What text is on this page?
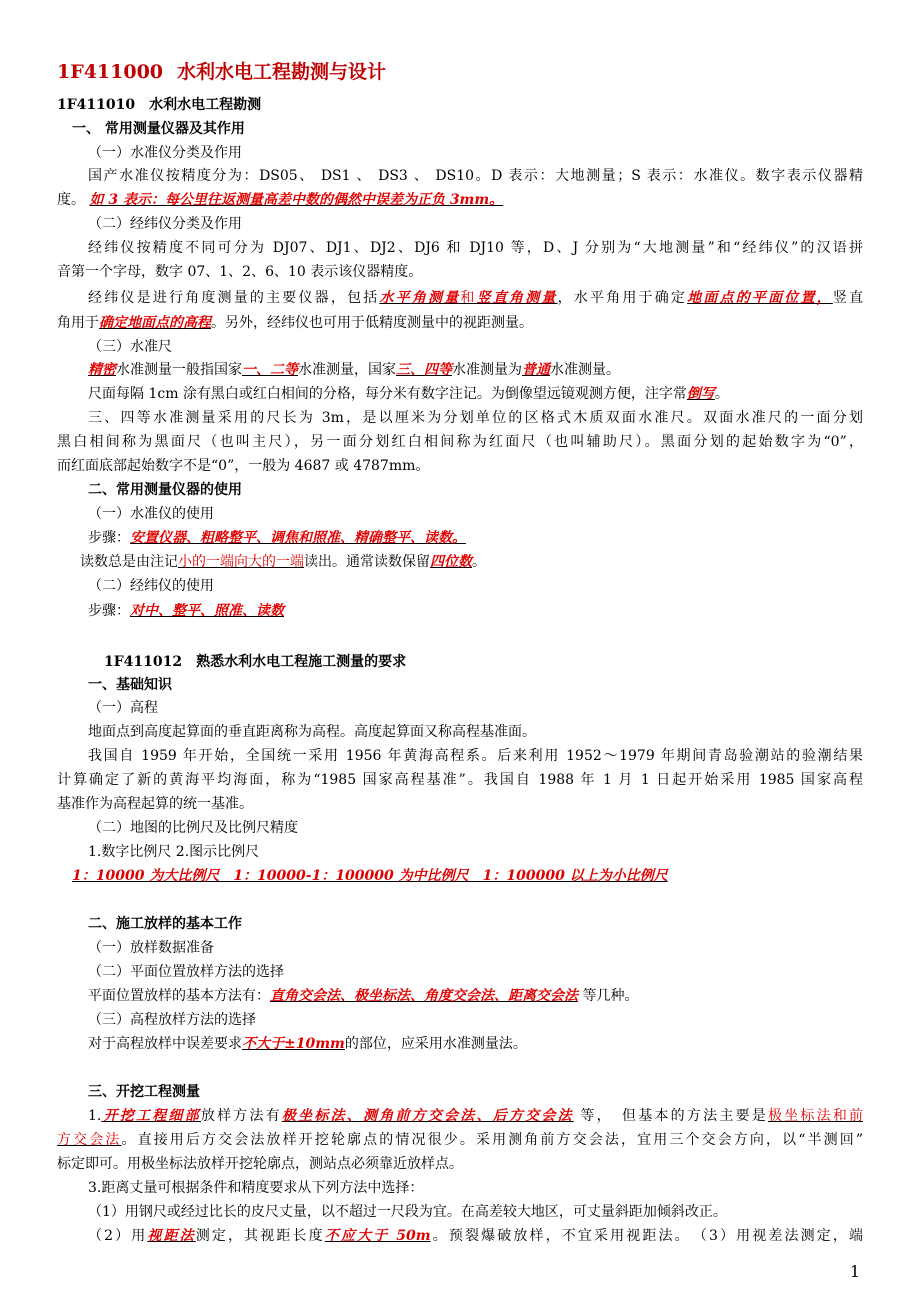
1F411000 水利水电工程勘测与设计
1F411010　 水利水电工程勘测
一、 常用测量仪器及其作用
（一）水准仪分类及作用
国产水准仪按精度分为：DS05、 DS1 、 DS3 、 DS10。D 表示：大地测量；S 表示：水准仪。数字表示仪器精
度。 如 3 表示：每公里往返测量高差中数的偶然中误差为正负 3mm。
（二）经纬仪分类及作用
经纬仪按精度不同可分为 DJ07、DJ1、DJ2、DJ6 和 DJ10 等，D、J 分别为“大地测量”和“经纬仪”的汉语拼
音第一个字母，数字 07、1、2、6、10 表示该仪器精度。
经纬仪是进行角度测量的主要仪器，包括水平角测量和竖直角测量，水平角用于确定地面点的平面位置，竖直
角用于确定地面点的高程。另外，经纬仪也可用于低精度测量中的视距测量。
（三）水准尺
精密水准测量一般指国家一、二等水准测量，国家三、四等水准测量为普通水准测量。
尺面每隔 1cm 涂有黑白或红白相间的分格，每分米有数字注记。为倒像望远镜观测方便，注字常倒写。
三、四等水准测量采用的尺长为 3m，是以厘米为分划单位的区格式木质双面水准尺。双面水准尺的一面分划
黑白相间称为黑面尺（也叫主尺），另一面分划红白相间称为红面尺（也叫辅助尺）。黑面分划的起始数字为“0”，
而红面底部起始数字不是“0”，一般为 4687 或 4787mm。
二、常用测量仪器的使用
（一）水准仪的使用
步骤：安置仪器、粗略整平、调焦和照准、精确整平、读数。
读数总是由注记小的一端向大的一端读出。通常读数保留四位数。
（二）经纬仪的使用
步骤：对中、整平、照准、读数
1F411012　 熟悉水利水电工程施工测量的要求
一、基础知识
（一）高程
地面点到高度起算面的垂直距离称为高程。高度起算面又称高程基准面。
我国自 1959 年开始，全国统一采用 1956 年黄海高程系。后来利用 1952～1979 年期间青岛验潮站的验潮结果
计算确定了新的黄海平均海面，称为“1985 国家高程基准”。我国自 1988 年 1 月 1 日起开始采用 1985 国家高程
基准作为高程起算的统一基准。
（二）地图的比例尺及比例尺精度
1.数字比例尺 2.图示比例尺
1：10000 为大比例尺　1：10000-1：100000 为中比例尺　1：100000 以上为小比例尺
二、施工放样的基本工作
（一）放样数据准备
（二）平面位置放样方法的选择
平面位置放样的基本方法有：直角交会法、极坐标法、角度交会法、距离交会法 等几种。
（三）高程放样方法的选择
对于高程放样中误差要求不大于±10mm的部位，应采用水准测量法。
三、开挖工程测量
1.开挖工程细部放样方法有极坐标法、测角前方交会法、后方交会法 等，　但基本的方法主要是极坐标法和前
方交会法。直接用后方交会法放样开挖轮廓点的情况很少。采用测角前方交会法，宜用三个交会方向，以“半测回”
标定即可。用极坐标法放样开挖轮廓点，测站点必须靠近放样点。
3.距离丈量可根据条件和精度要求从下列方法中选择：
（1）用钢尺或经过比长的皮尺丈量，以不超过一尺段为宜。在高差较大地区，可丈量斜距加倾斜改正。
（2）用视距法测定，其视距长度不应大于 50m。预裂爆破放样，不宜采用视距法。　（3）用视差法测定，端
1
